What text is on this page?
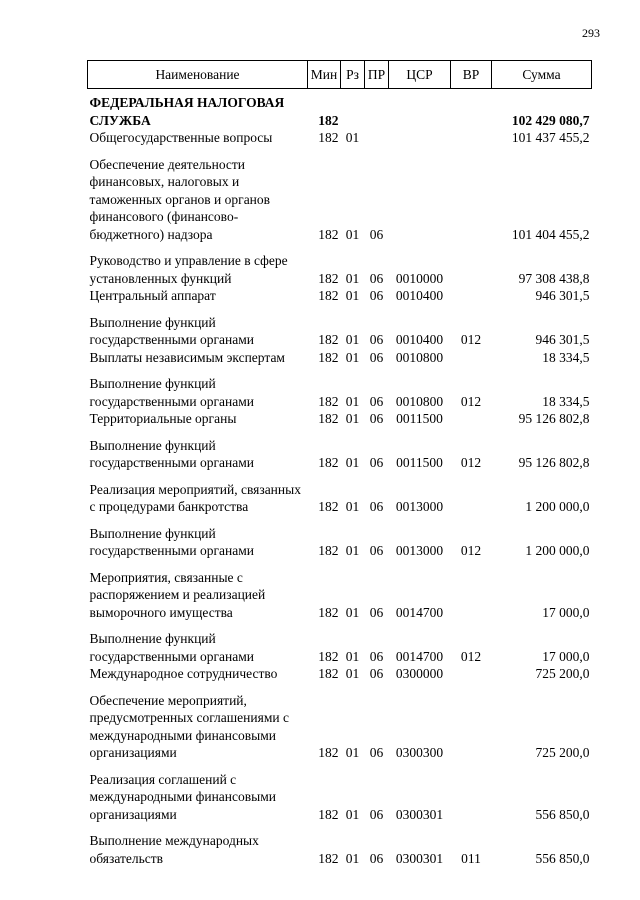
293
Наименование	Мин	Рз	ПР	ЦСР	ВР	Сумма
ФЕДЕРАЛЬНАЯ НАЛОГОВАЯ СЛУЖБА	182					102 429 080,7
Общегосударственные вопросы	182	01				101 437 455,2
Обеспечение деятельности финансовых, налоговых и таможенных органов и органов финансового (финансово-бюджетного) надзора	182	01	06			101 404 455,2
Руководство и управление в сфере установленных функций	182	01	06	0010000		97 308 438,8
Центральный аппарат	182	01	06	0010400		946 301,5
Выполнение функций государственными органами	182	01	06	0010400	012	946 301,5
Выплаты независимым экспертам	182	01	06	0010800		18 334,5
Выполнение функций государственными органами	182	01	06	0010800	012	18 334,5
Территориальные органы	182	01	06	0011500		95 126 802,8
Выполнение функций государственными органами	182	01	06	0011500	012	95 126 802,8
Реализация мероприятий, связанных с процедурами банкротства	182	01	06	0013000		1 200 000,0
Выполнение функций государственными органами	182	01	06	0013000	012	1 200 000,0
Мероприятия, связанные с распоряжением и реализацией выморочного имущества	182	01	06	0014700		17 000,0
Выполнение функций государственными органами	182	01	06	0014700	012	17 000,0
Международное сотрудничество	182	01	06	0300000		725 200,0
Обеспечение мероприятий, предусмотренных соглашениями с международными финансовыми организациями	182	01	06	0300300		725 200,0
Реализация соглашений с международными финансовыми организациями	182	01	06	0300301		556 850,0
Выполнение международных обязательств	182	01	06	0300301	011	556 850,0
